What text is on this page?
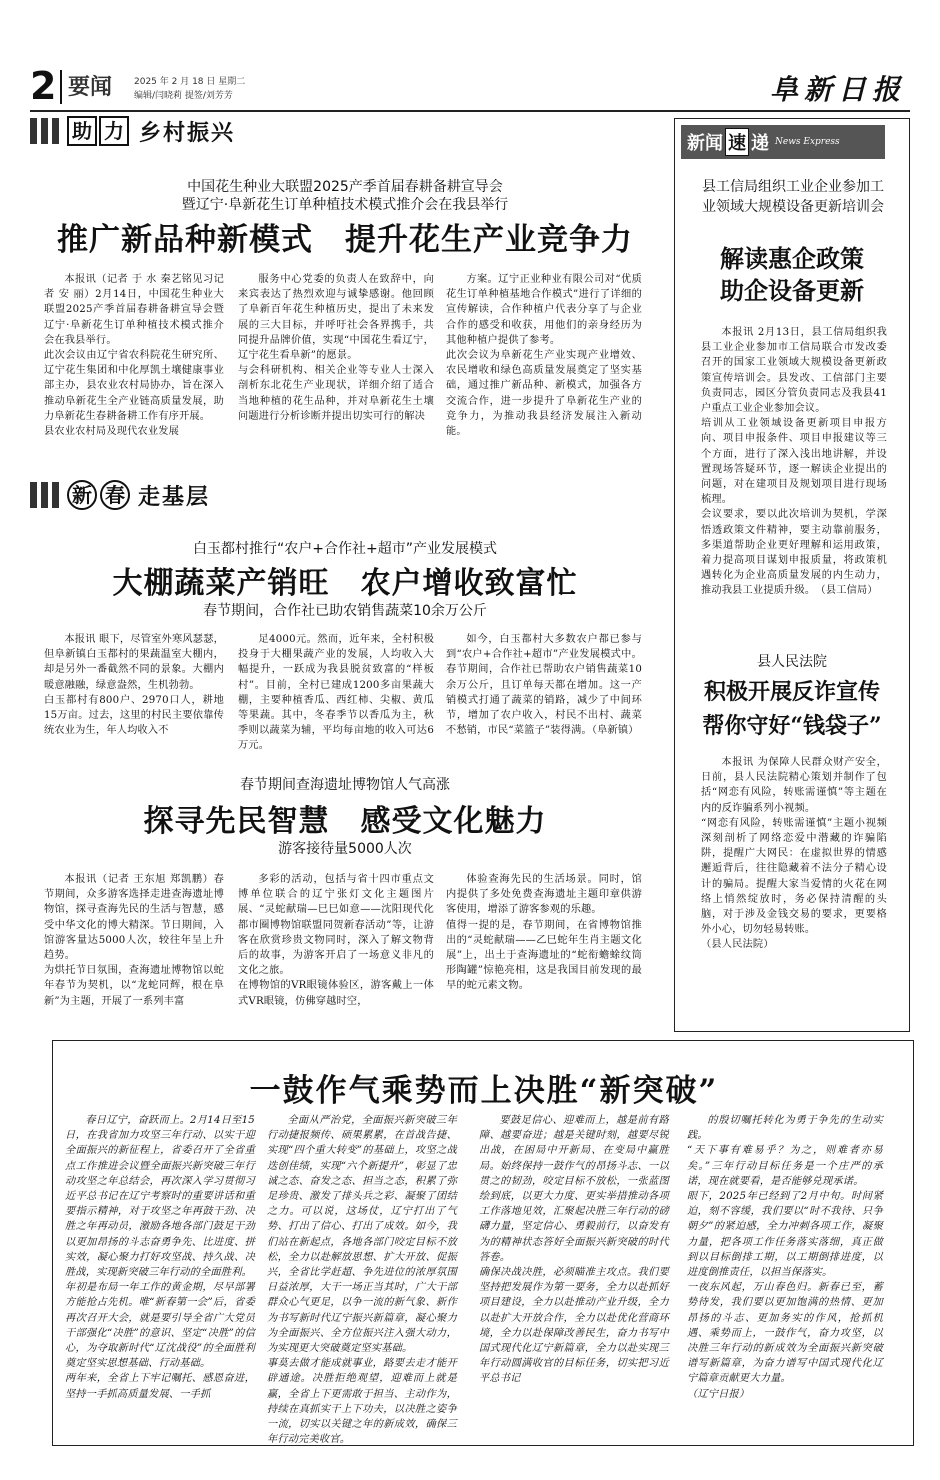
2 要闻 2025 年 2 月 18 日 星期二
编辑/闫晓莉 提签/刘芳芳	阜新日报
助 力 乡村振兴
中国花生种业大联盟2025产季首届春耕备耕宣导会
暨辽宁·阜新花生订单种植技术模式推介会在我县举行
推广新品种新模式　提升花生产业竞争力
本报讯（记者 于 水 秦艺铭见习记者 安 丽）2月14日，中国花生种业大联盟2025产季首届春耕备耕宣导会暨辽宁·阜新花生订单种植技术模式推介会在我县举行。
此次会议由辽宁省农科院花生研究所、辽宁花生集团和中化厚凯土壤健康事业部主办，县农业农村局协办，旨在深入推动阜新花生全产业链高质量发展，助力阜新花生春耕备耕工作有序开展。
县农业农村局及现代农业发展
服务中心党委的负责人在致辞中，向来宾表达了热烈欢迎与诚挚感谢。他回顾了阜新百年花生种植历史，提出了未来发展的三大目标，并呼吁社会各界携手，共同提升品牌价值，实现“中国花生看辽宁，辽宁花生看阜新”的愿景。
与会科研机构、相关企业等专业人士深入剖析东北花生产业现状，详细介绍了适合当地种植的花生品种，并对阜新花生土壤问题进行分析诊断并提出切实可行的解决
方案。辽宁正业种业有限公司对“优质花生订单种植基地合作模式”进行了详细的宣传解读，合作种植户代表分享了与企业合作的感受和收获，用他们的亲身经历为其他种植户提供了参考。
此次会议为阜新花生产业实现产业增效、农民增收和绿色高质量发展奠定了坚实基础，通过推广新品种、新模式，加强各方交流合作，进一步提升了阜新花生产业的竞争力，为推动我县经济发展注入新动能。
新 春 走基层
白玉都村推行“农户+合作社+超市”产业发展模式
大棚蔬菜产销旺　农户增收致富忙
春节期间，合作社已助农销售蔬菜10余万公斤
本报讯 眼下，尽管室外寒风瑟瑟，但阜新镇白玉都村的果蔬温室大棚内，却是另外一番截然不同的景象。大棚内暖意融融，绿意盎然，生机勃勃。
白玉都村有800户、2970口人，耕地15万亩。过去，这里的村民主要依靠传统农业为生，年人均收入不
足4000元。然而，近年来，全村积极投身于大棚果蔬产业的发展，人均收入大幅提升，一跃成为我县脱贫致富的“样板村”。目前，全村已建成1200多亩果蔬大棚，主要种植香瓜、西红柿、尖椒、黄瓜等果蔬。其中，冬春季节以香瓜为主，秋季则以蔬菜为辅，平均每亩地的收入可达6万元。
如今，白玉都村大多数农户都已参与到“农户+合作社+超市”产业发展模式中。春节期间，合作社已帮助农户销售蔬菜10余万公斤，且订单每天都在增加。这一产销模式打通了蔬菜的销路，减少了中间环节，增加了农户收入，村民不出村、蔬菜不愁销，市民“菜篮子”装得满。（阜新镇）
春节期间查海遗址博物馆人气高涨
探寻先民智慧　感受文化魅力
游客接待量5000人次
本报讯（记者 王东旭 郑凯鹏）春节期间，众多游客选择走进查海遗址博物馆，探寻查海先民的生活与智慧，感受中华文化的博大精深。节日期间，入馆游客量达5000人次，较往年呈上升趋势。
为烘托节日氛围，查海遗址博物馆以蛇年春节为契机，以“龙蛇同辉，根在阜新”为主题，开展了一系列丰富
多彩的活动，包括与省十四市重点文博单位联合的辽宁张灯文化主题图片展、“灵蛇献瑞—巳巳如意——沈阳现代化都市圈博物馆联盟同贺新春活动”等，让游客在欣赏珍贵文物同时，深入了解文物背后的故事，为游客开启了一场意义非凡的文化之旅。
在博物馆的VR眼镜体验区，游客戴上一体式VR眼镜，仿佛穿越时空，
体验查海先民的生活场景。同时，馆内提供了多处免费查海遗址主题印章供游客使用，增添了游客参观的乐趣。
值得一提的是，春节期间，在省博物馆推出的“灵蛇献瑞——乙巳蛇年生肖主题文化展”上，出土于查海遗址的“蛇衔蟾蜍纹筒形陶罐”惊艳亮相，这是我国目前发现的最早的蛇元素文物。
新闻 速 递 News Express
县工信局组织工业企业参加工业领域大规模设备更新培训会
解读惠企政策
助企设备更新
本报讯 2月13日，县工信局组织我县工业企业参加市工信局联合市发改委召开的国家工业领域大规模设备更新政策宣传培训会。县发改、工信部门主要负责同志，园区分管负责同志及我县41户重点工业企业参加会议。
培训从工业领域设备更新项目申报方向、项目申报条件、项目申报建议等三个方面，进行了深入浅出地讲解，并设置现场答疑环节，逐一解读企业提出的问题，对在建项目及规划项目进行现场梳理。
会议要求，要以此次培训为契机，学深悟透政策文件精神，要主动靠前服务，多渠道帮助企业更好理解和运用政策，着力提高项目谋划申报质量，将政策机遇转化为企业高质量发展的内生动力，推动我县工业提质升级。　（县工信局）
县人民法院
积极开展反诈宣传
帮你守好“钱袋子”
本报讯 为保障人民群众财产安全，日前，县人民法院精心策划并制作了包括“网恋有风险，转账需谨慎”等主题在内的反诈骗系列小视频。
“网恋有风险，转账需谨慎”主题小视频深刻剖析了网络恋爱中潜藏的诈骗陷阱，提醒广大网民：在虚拟世界的情感邂逅背后，往往隐藏着不法分子精心设计的骗局。提醒大家当爱情的火花在网络上悄然绽放时，务必保持清醒的头脑，对于涉及金钱交易的要求，更要格外小心，切勿轻易转账。
（县人民法院）
一鼓作气乘势而上决胜“新突破”
春日辽宁，奋跃而上。2月14日至15日，在我省加力攻坚三年行动、以实干迎全面振兴的新征程上，省委召开了全省重点工作推进会议暨全面振兴新突破三年行动攻坚之年总结会，再次深入学习贯彻习近平总书记在辽宁考察时的重要讲话和重要指示精神，对于攻坚之年再鼓干劲、决胜之年再动员，激励各地各部门鼓足干劲以更加昂扬的斗志奋勇争先、比进度、拼实效，凝心聚力打好攻坚战、持久战、决胜战，实现新突破三年行动的全面胜利。
年初是布局一年工作的黄金期，尽早部署方能抢占先机。唯“新春第一会”后，省委再次召开大会，就是要引导全省广大党员干部强化“决胜”的意识、坚定“决胜”的信心，为夺取新时代“辽沈战役”的全面胜利奠定坚实思想基础、行动基础。
两年来，全省上下牢记嘱托、感恩奋进，坚持一手抓高质量发展、一手抓
全面从严治党，全面振兴新突破三年行动捷报频传、硕果累累，在首战告捷、实现“四个重大转变”的基础上，攻坚之战迭创佳绩，实现“六个新提升”，彰显了忠诚之态、奋发之态、担当之态，积累了弥足珍贵、激发了排头兵之彩、凝聚了团结之力。可以说，这场仗，辽宁打出了气势、打出了信心、打出了成效。如今，我们站在新起点，各地各部门咬定目标不放松，全力以赴解放思想、扩大开放、促振兴，全省比学赶超、争先进位的浓厚氛围日益浓厚，大干一场正当其时，广大干部群众心气更足，以争一流的新气象、新作为书写新时代辽宁振兴新篇章，凝心聚力为全面振兴、全方位振兴注入强大动力，为实现更大突破奠定坚实基础。
事莫去做才能成就事业，路要去走才能开辟通途。决胜拒绝观望，迎难而上就是赢，全省上下更需敢于担当、主动作为，持续在真抓实干上下功夫，以决胜之姿争一流，切实以关键之年的新成效，确保三年行动完美收官。
要鼓足信心、迎难而上，越是前有路障、越要奋进；越是关键时刻，越要尽锐出战，在困局中开新局、在变局中赢胜局。始终保持一鼓作气的昂扬斗志、一以贯之的韧劲，咬定目标不放松，一张蓝图绘到底，以更大力度、更实举措推动各项工作落地见效，汇聚起决胜三年行动的磅礴力量，坚定信心、勇毅前行，以奋发有为的精神状态答好全面振兴新突破的时代答卷。
确保决战决胜，必须瞄准主攻点。我们要坚持把发展作为第一要务，全力以赴抓好项目建设，全力以赴推动产业升级，全力以赴扩大开放合作，全力以赴优化营商环境，全力以赴保障改善民生，奋力书写中国式现代化辽宁新篇章，全力以赴实现三年行动圆满收官的目标任务，切实把习近平总书记
的殷切嘱托转化为勇于争先的生动实践。
“天下事有难易乎？为之，则难者亦易矣。”三年行动目标任务是一个庄严的承诺，现在就要看，是否能够兑现承诺。
眼下，2025年已经到了2月中旬。时间紧迫，刻不容缓，我们要以“时不我待、只争朝夕”的紧迫感，全力冲刺各项工作，凝聚力量，把各项工作任务落实落细，真正做到以目标倒排工期，以工期倒排进度，以进度倒推责任，以担当保落实。
一夜东风起，万山春色归。新春已至，蓄势待发，我们要以更加饱满的热情、更加昂扬的斗志、更加务实的作风，抢抓机遇、乘势而上，一鼓作气，奋力攻坚，以决胜三年行动的新成效为全面振兴新突破谱写新篇章，为奋力谱写中国式现代化辽宁篇章贡献更大力量。
（辽宁日报）
